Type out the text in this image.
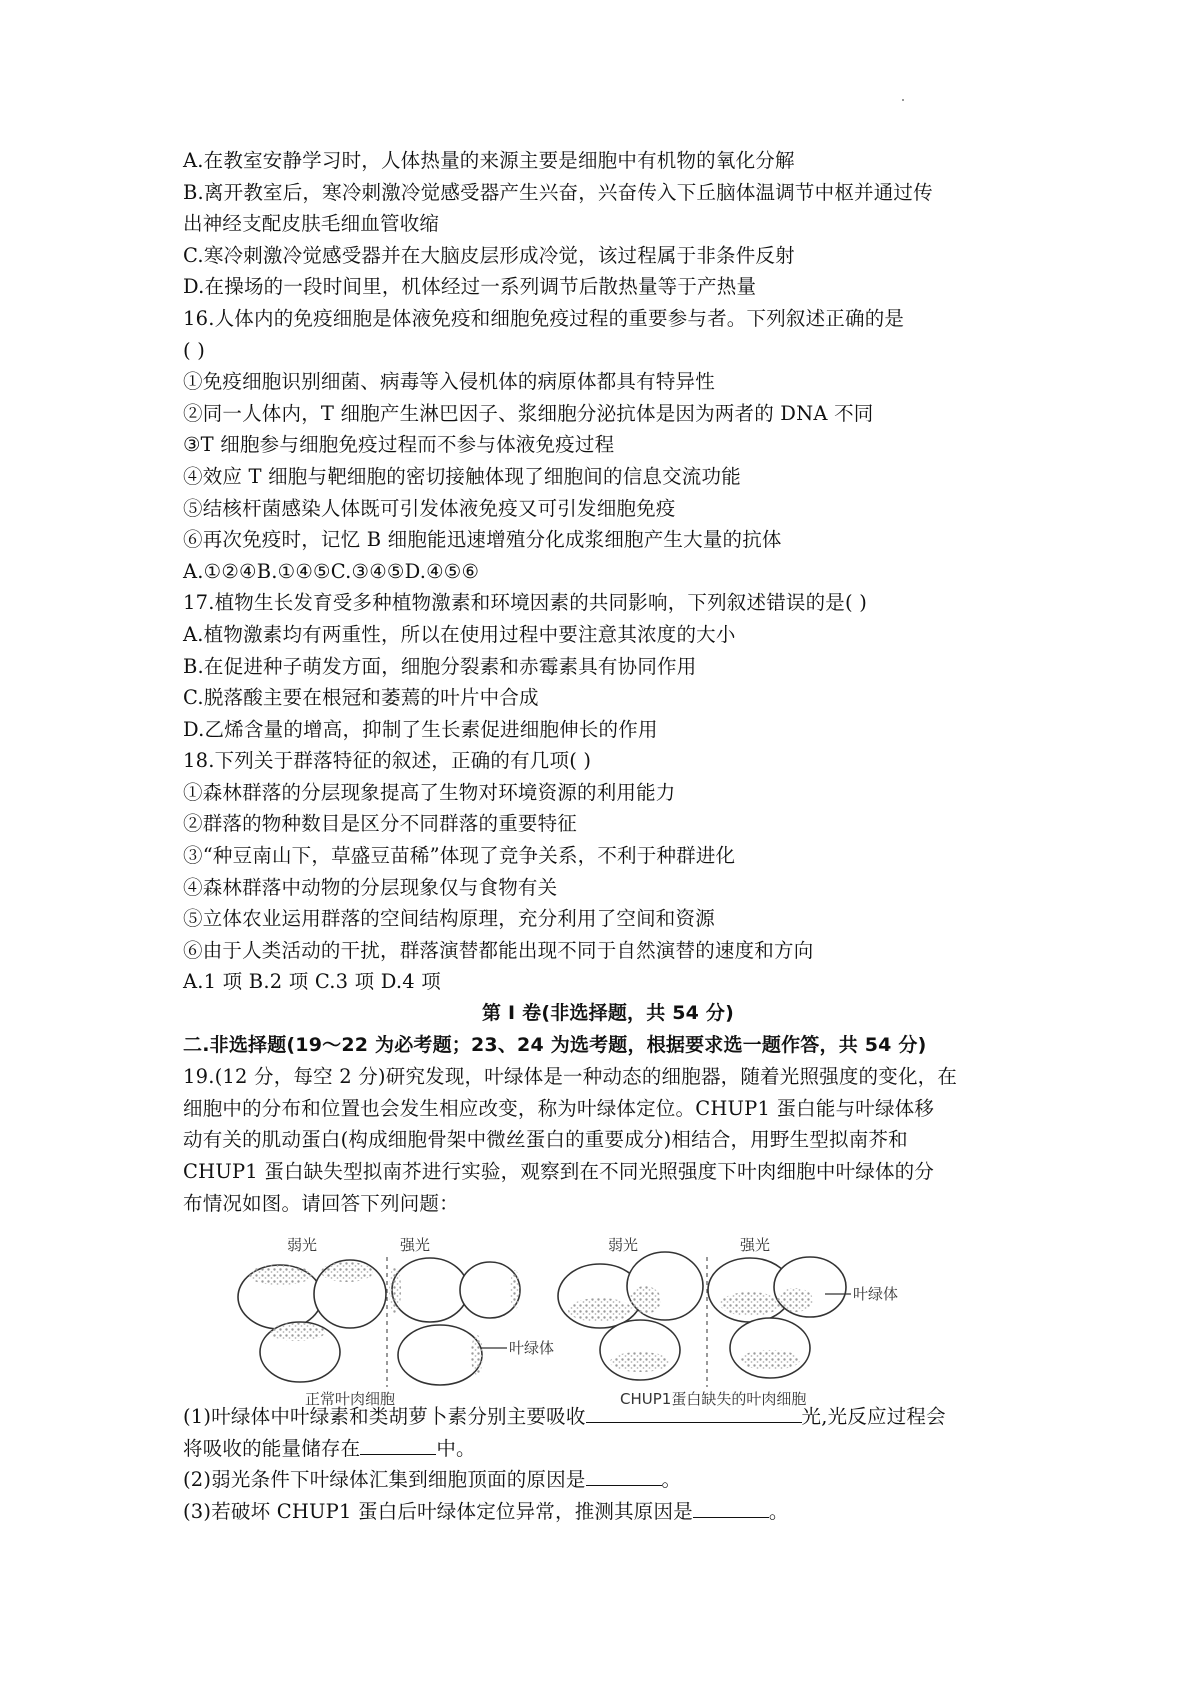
A.在教室安静学习时，人体热量的来源主要是细胞中有机物的氧化分解
B.离开教室后，寒冷刺激冷觉感受器产生兴奋，兴奋传入下丘脑体温调节中枢并通过传
出神经支配皮肤毛细血管收缩
C.寒冷刺激冷觉感受器并在大脑皮层形成冷觉，该过程属于非条件反射
D.在操场的一段时间里，机体经过一系列调节后散热量等于产热量
16.人体内的免疫细胞是体液免疫和细胞免疫过程的重要参与者。下列叙述正确的是
( )
①免疫细胞识别细菌、病毒等入侵机体的病原体都具有特异性
②同一人体内，T 细胞产生淋巴因子、浆细胞分泌抗体是因为两者的 DNA 不同
③T 细胞参与细胞免疫过程而不参与体液免疫过程
④效应 T 细胞与靶细胞的密切接触体现了细胞间的信息交流功能
⑤结核杆菌感染人体既可引发体液免疫又可引发细胞免疫
⑥再次免疫时，记忆 B 细胞能迅速增殖分化成浆细胞产生大量的抗体
A.①②④B.①④⑤C.③④⑤D.④⑤⑥
17.植物生长发育受多种植物激素和环境因素的共同影响，下列叙述错误的是( )
A.植物激素均有两重性，所以在使用过程中要注意其浓度的大小
B.在促进种子萌发方面，细胞分裂素和赤霉素具有协同作用
C.脱落酸主要在根冠和萎蔫的叶片中合成
D.乙烯含量的增高，抑制了生长素促进细胞伸长的作用
18.下列关于群落特征的叙述，正确的有几项( )
①森林群落的分层现象提高了生物对环境资源的利用能力
②群落的物种数目是区分不同群落的重要特征
③“种豆南山下，草盛豆苗稀”体现了竞争关系，不利于种群进化
④森林群落中动物的分层现象仅与食物有关
⑤立体农业运用群落的空间结构原理，充分利用了空间和资源
⑥由于人类活动的干扰，群落演替都能出现不同于自然演替的速度和方向
A.1 项 B.2 项 C.3 项 D.4 项
第 Ⅰ 卷(非选择题，共 54 分)
二.非选择题(19～22 为必考题；23、24 为选考题，根据要求选一题作答，共 54 分)
19.(12 分，每空 2 分)研究发现，叶绿体是一种动态的细胞器，随着光照强度的变化，在
细胞中的分布和位置也会发生相应改变，称为叶绿体定位。CHUP1 蛋白能与叶绿体移
动有关的肌动蛋白(构成细胞骨架中微丝蛋白的重要成分)相结合，用野生型拟南芥和
CHUP1 蛋白缺失型拟南芥进行实验，观察到在不同光照强度下叶肉细胞中叶绿体的分
布情况如图。请回答下列问题：
(1)叶绿体中叶绿素和类胡萝卜素分别主要吸收	光,光反应过程会
将吸收的能量储存在	中。
(2)弱光条件下叶绿体汇集到细胞顶面的原因是	。
(3)若破坏 CHUP1 蛋白后叶绿体定位异常，推测其原因是	。
弱光	强光
叶绿体
正常叶肉细胞
弱光	强光
叶绿体
CHUP1蛋白缺失的叶肉细胞
